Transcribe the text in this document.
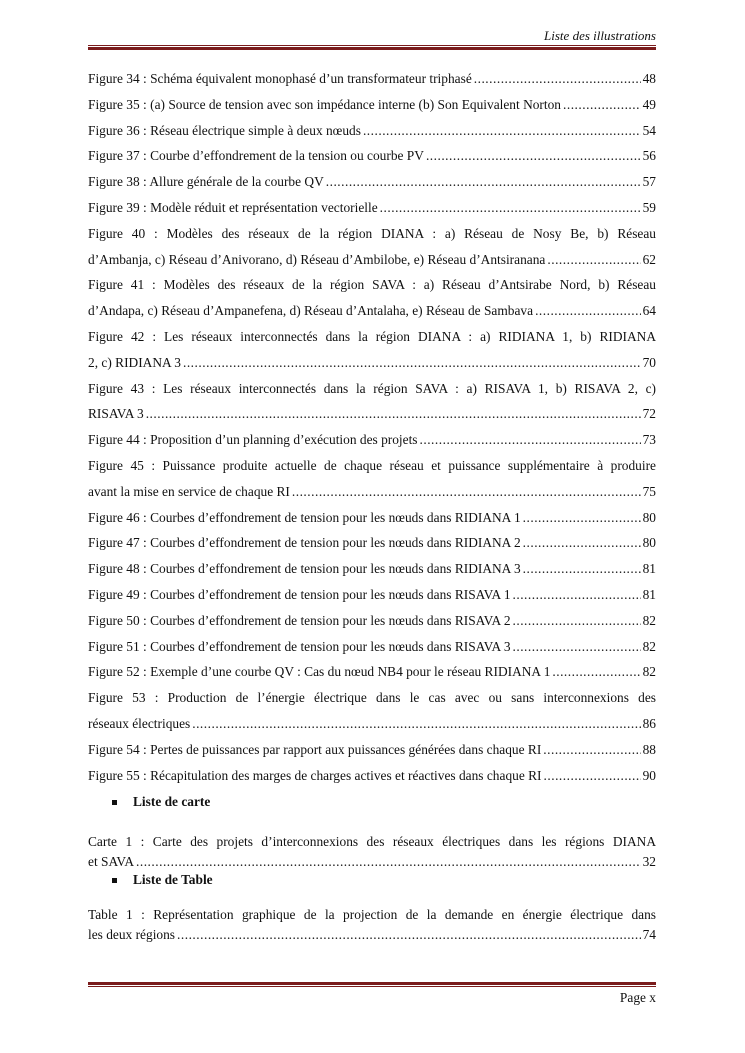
Liste des illustrations

Figure 34 : Schéma équivalent monophasé d’un transformateur triphasé .....	48
Figure 35 : (a) Source de tension avec son impédance interne (b) Son Equivalent Norton .....	49
Figure 36 : Réseau électrique simple à deux nœuds .....	54
Figure 37 : Courbe d’effondrement de la tension ou courbe PV .....	56
Figure 38 : Allure générale de la courbe QV .....	57
Figure 39 : Modèle réduit et représentation vectorielle .....	59
Figure 40 : Modèles des réseaux de la région DIANA : a) Réseau de Nosy Be, b) Réseau
d’Ambanja, c) Réseau d’Anivorano, d) Réseau d’Ambilobe, e) Réseau d’Antsiranana .....	62
Figure 41 : Modèles des réseaux de la région SAVA : a) Réseau d’Antsirabe Nord, b) Réseau
d’Andapa, c) Réseau d’Ampanefena, d) Réseau d’Antalaha, e) Réseau de Sambava .....	64
Figure 42 : Les réseaux interconnectés dans la région DIANA : a) RIDIANA 1, b) RIDIANA
2, c) RIDIANA 3 .....	70
Figure 43 : Les réseaux interconnectés dans la région SAVA : a) RISAVA 1, b) RISAVA 2, c)
RISAVA 3 .....	72
Figure 44 : Proposition d’un planning d’exécution des projets .....	73
Figure 45 : Puissance produite actuelle de chaque réseau et puissance supplémentaire à produire
avant la mise en service de chaque RI .....	75
Figure 46 : Courbes d’effondrement de tension pour les nœuds dans RIDIANA 1 .....	80
Figure 47 : Courbes d’effondrement de tension pour les nœuds dans RIDIANA 2 .....	80
Figure 48 : Courbes d’effondrement de tension pour les nœuds dans RIDIANA 3 .....	81
Figure 49 : Courbes d’effondrement de tension pour les nœuds dans RISAVA 1 .....	81
Figure 50 : Courbes d’effondrement de tension pour les nœuds dans RISAVA 2 .....	82
Figure 51 : Courbes d’effondrement de tension pour les nœuds dans RISAVA 3 .....	82
Figure 52 : Exemple d’une courbe QV : Cas du nœud NB4 pour le réseau RIDIANA 1 .....	82
Figure 53 : Production de l’énergie électrique dans le cas avec ou sans interconnexions des
réseaux électriques .....	86
Figure 54 : Pertes de puissances par rapport aux puissances générées dans chaque RI .....	88
Figure 55 : Récapitulation des marges de charges actives et réactives dans chaque RI .....	90

Liste de carte

Carte 1 : Carte des projets d’interconnexions des réseaux électriques dans les régions DIANA
et SAVA .....	32

Liste de Table

Table 1 : Représentation graphique de la projection de la demande en énergie électrique dans
les deux régions .....	74

Page x
